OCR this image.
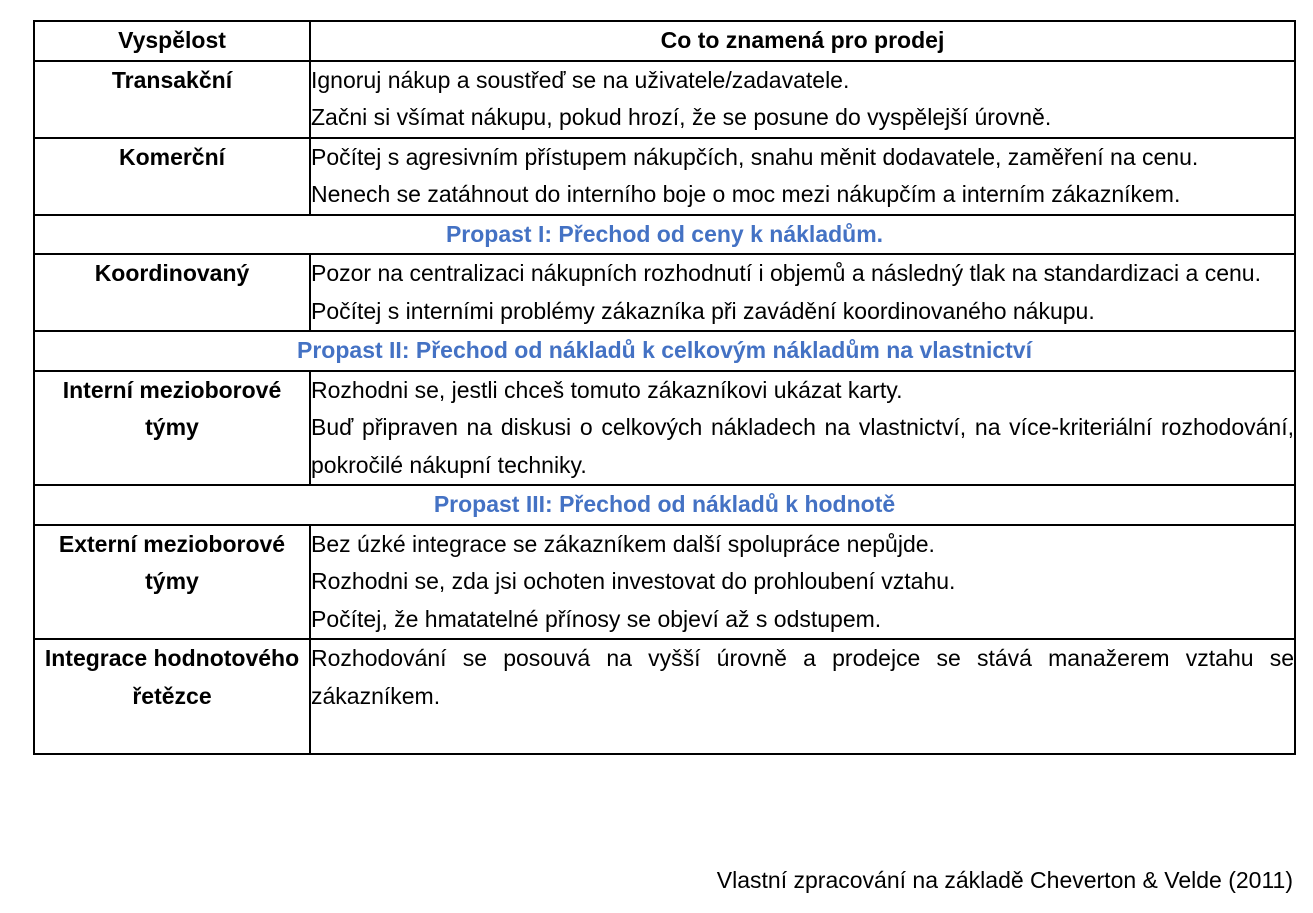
Vyspělost	Co to znamená pro prodej
Transakční	Ignoruj nákup a soustřeď se na uživatele/zadavatele.

Začni si všímat nákupu, pokud hrozí, že se posune do vyspělejší úrovně.

Komerční	Počítej s agresivním přístupem nákupčích, snahu měnit dodavatele, zaměření na cenu.

Nenech se zatáhnout do interního boje o moc mezi nákupčím a interním zákazníkem.

Propast I: Přechod od ceny k nákladům.	
Koordinovaný	Pozor na centralizaci nákupních rozhodnutí i objemů a následný tlak na standardizaci a cenu.

Počítej s interními problémy zákazníka při zavádění koordinovaného nákupu.

Propast II: Přechod od nákladů k celkovým nákladům na vlastnictví	
Interní mezioborové týmy	Rozhodni se, jestli chceš tomuto zákazníkovi ukázat karty.

Buď připraven na diskusi o celkových nákladech na vlastnictví, na více-kriteriální rozhodování, pokročilé nákupní techniky.

Propast III: Přechod od nákladů k hodnotě	
Externí mezioborové týmy	Bez úzké integrace se zákazníkem další spolupráce nepůjde.

Rozhodni se, zda jsi ochoten investovat do prohloubení vztahu.

Počítej, že hmatatelné přínosy se objeví až s odstupem.

Integrace hodnotového řetězce	Rozhodování se posouvá na vyšší úrovně a prodejce se stává manažerem vztahu se zákazníkem.

Vlastní zpracování na základě Cheverton & Velde (2011)
